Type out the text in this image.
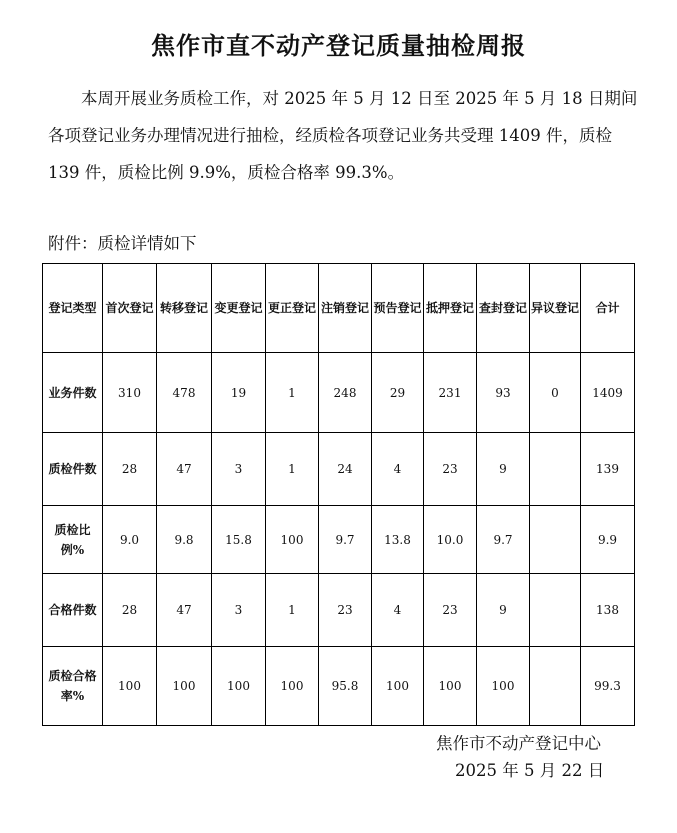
焦作市直不动产登记质量抽检周报
本周开展业务质检工作，对 2025 年 5 月 12 日至 2025 年 5 月 18 日期间各项登记业务办理情况进行抽检，经质检各项登记业务共受理 1409 件，质检 139 件，质检比例 9.9%，质检合格率 99.3%。
附件：质检详情如下
登记类型	首次登记	转移登记	变更登记	更正登记	注销登记	预告登记	抵押登记	查封登记	异议登记	合计
业务件数	310	478	19	1	248	29	231	93	0	1409
质检件数	28	47	3	1	24	4	23	9		139
质检比例%	9.0	9.8	15.8	100	9.7	13.8	10.0	9.7		9.9
合格件数	28	47	3	1	23	4	23	9		138
质检合格率%	100	100	100	100	95.8	100	100	100		99.3
焦作市不动产登记中心
2025 年 5 月 22 日
